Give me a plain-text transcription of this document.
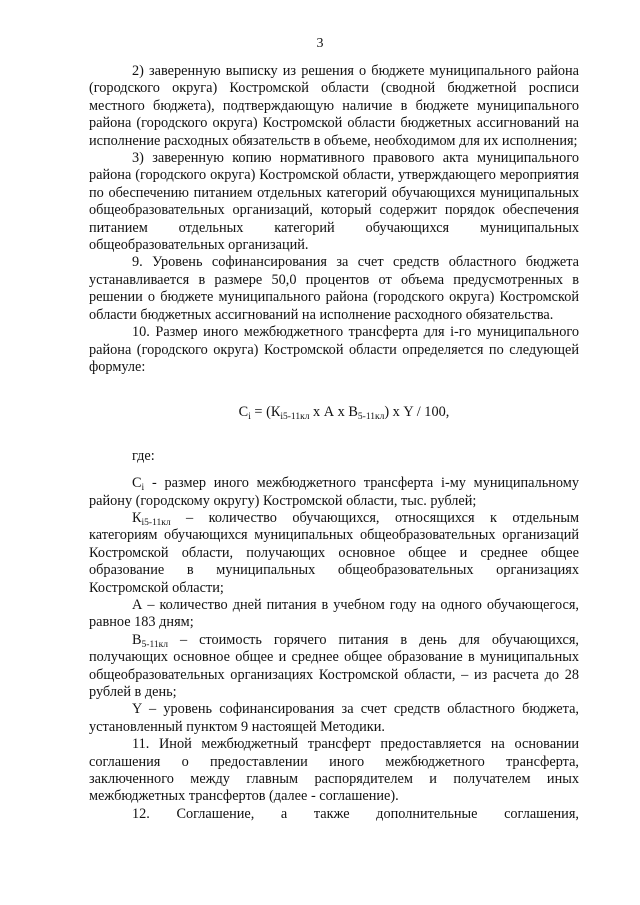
3

2) заверенную выписку из решения о бюджете муниципального района (городского округа) Костромской области (сводной бюджетной росписи местного бюджета), подтверждающую наличие в бюджете муниципального района (городского округа) Костромской области бюджетных ассигнований на исполнение расходных обязательств в объеме, необходимом для их исполнения;

3) заверенную копию нормативного правового акта муниципального района (городского округа) Костромской области, утверждающего мероприятия по обеспечению питанием отдельных категорий обучающихся муниципальных общеобразовательных организаций, который содержит порядок обеспечения питанием отдельных категорий обучающихся муниципальных общеобразовательных организаций.

9. Уровень софинансирования за счет средств областного бюджета устанавливается в размере 50,0 процентов от объема предусмотренных в решении о бюджете муниципального района (городского округа) Костромской области бюджетных ассигнований на исполнение расходного обязательства.

10. Размер иного межбюджетного трансферта для i-го муниципального района (городского округа) Костромской области определяется по следующей формуле:

$C_i = (К_{i5-11кл}$ х А х $В_{5-11кл}$) х Y / 100,

где:

$C_i$ - размер иного межбюджетного трансферта i-му муниципальному району (городскому округу) Костромской области, тыс. рублей;

$К_{i5-11кл}$ – количество обучающихся, относящихся к отдельным категориям обучающихся муниципальных общеобразовательных организаций Костромской области, получающих основное общее и среднее общее образование в муниципальных общеобразовательных организациях Костромской области;

А – количество дней питания в учебном году на одного обучающегося, равное 183 дням;

$В_{5-11кл}$ – стоимость горячего питания в день для обучающихся, получающих основное общее и среднее общее образование в муниципальных общеобразовательных организациях Костромской области, – из расчета до 28 рублей в день;

Y – уровень софинансирования за счет средств областного бюджета, установленный пунктом 9 настоящей Методики.

11. Иной межбюджетный трансферт предоставляется на основании соглашения о предоставлении иного межбюджетного трансферта, заключенного между главным распорядителем и получателем иных межбюджетных трансфертов (далее - соглашение).

12. Соглашение, а также дополнительные соглашения,
